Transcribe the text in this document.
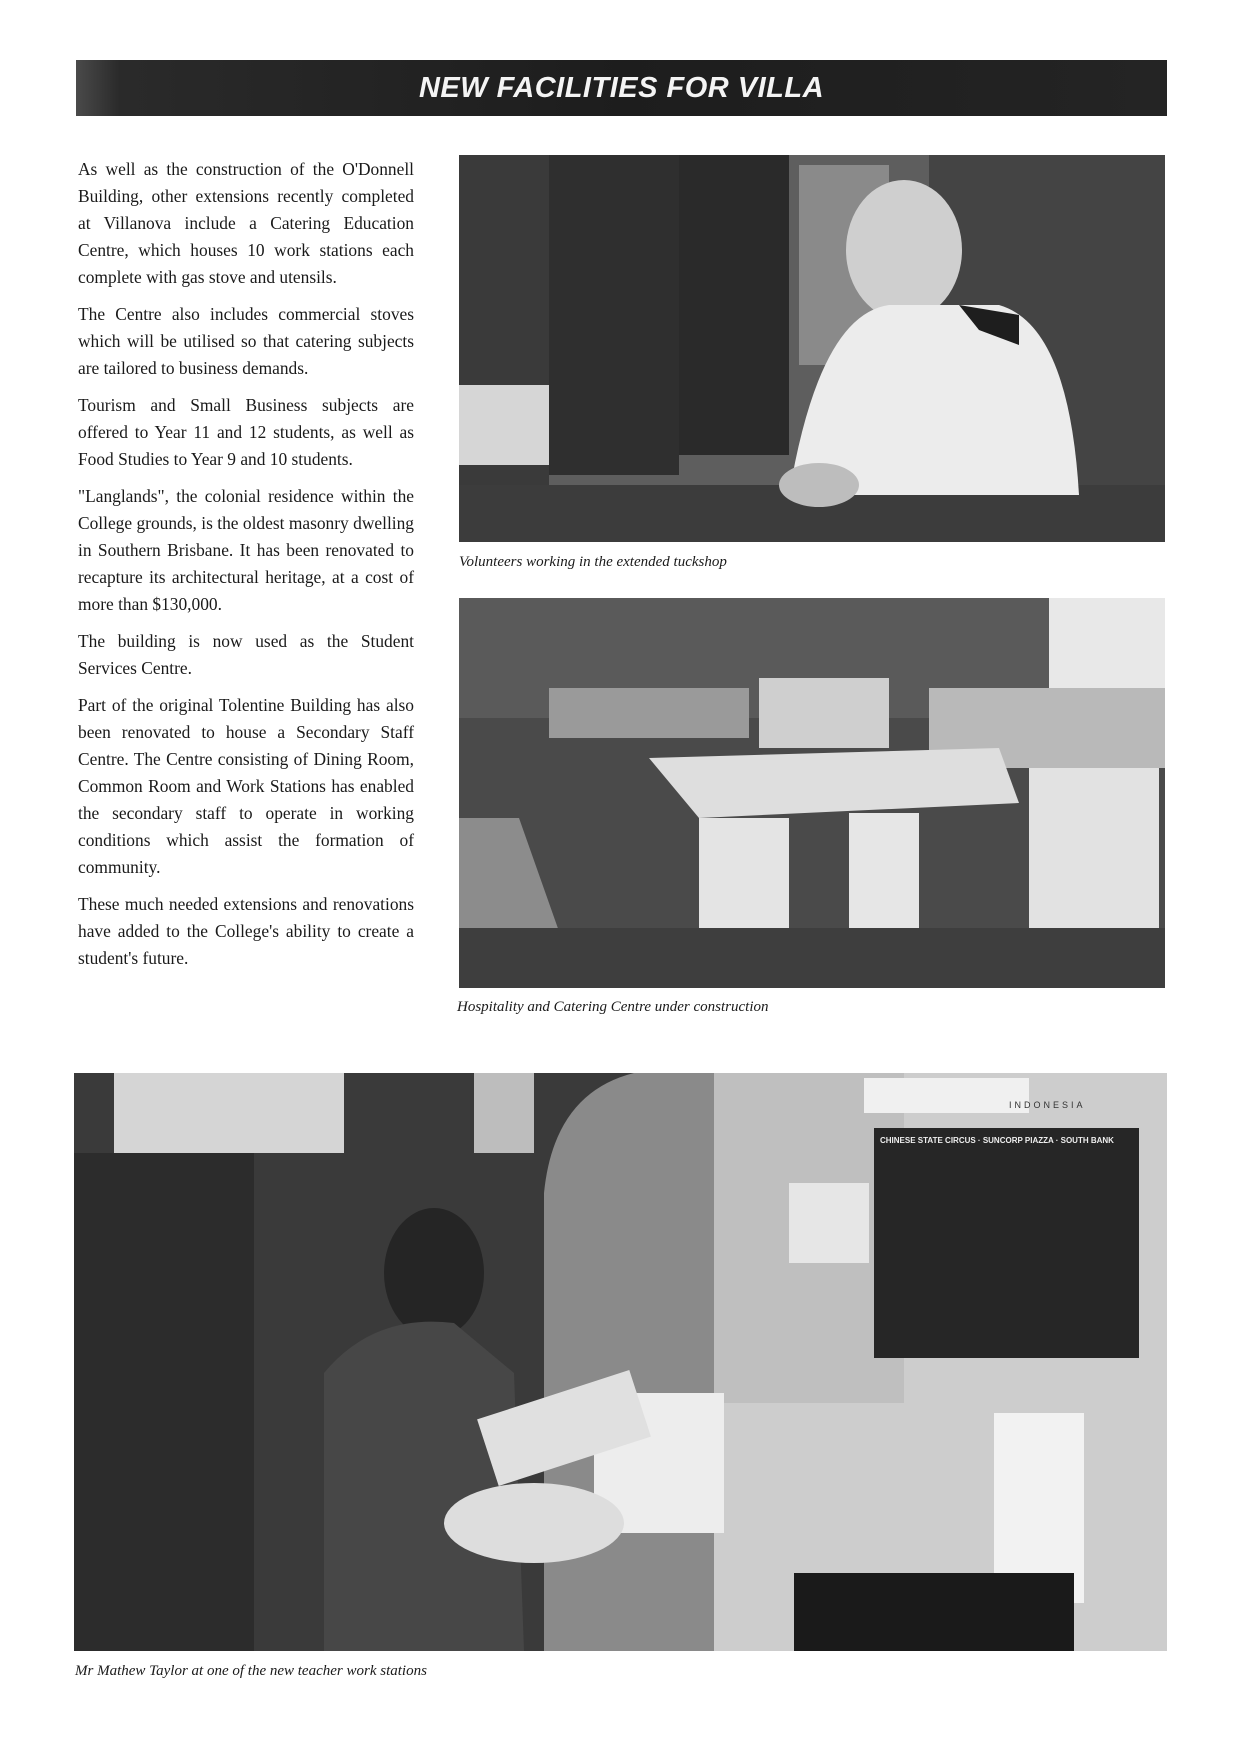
NEW FACILITIES FOR VILLA

As well as the construction of the O'Donnell Building, other extensions recently completed at Villanova include a Catering Education Centre, which houses 10 work stations each complete with gas stove and utensils.

The Centre also includes commercial stoves which will be utilised so that catering subjects are tailored to business demands.

Tourism and Small Business subjects are offered to Year 11 and 12 students, as well as Food Studies to Year 9 and 10 students.

"Langlands", the colonial residence within the College grounds, is the oldest masonry dwelling in Southern Brisbane. It has been renovated to recapture its architectural heritage, at a cost of more than $130,000.

The building is now used as the Student Services Centre.

Part of the original Tolentine Building has also been renovated to house a Secondary Staff Centre. The Centre consisting of Dining Room, Common Room and Work Stations has enabled the secondary staff to operate in working conditions which assist the formation of community.

These much needed extensions and renovations have added to the College's ability to create a student's future.

Volunteers working in the extended tuckshop
Hospitality and Catering Centre under construction
INDONESIA
CHINESE STATE CIRCUS · SUNCORP PIAZZA · SOUTH BANK
Mr Mathew Taylor at one of the new teacher work stations
